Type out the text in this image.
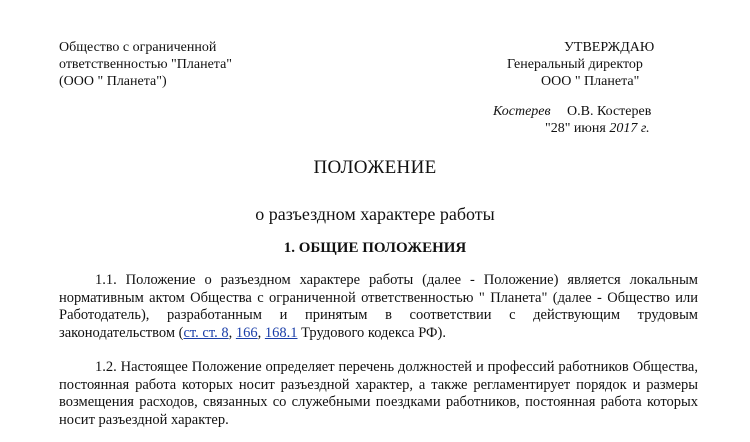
Общество с ограниченной
ответственностью "Планета"
(ООО " Планета")
УТВЕРЖДАЮ
Генеральный директор
ООО " Планета"
Костерев О.В. Костерев
"28" июня 2017 г.
ПОЛОЖЕНИЕ
о разъездном характере работы
1. ОБЩИЕ ПОЛОЖЕНИЯ
1.1. Положение о разъездном характере работы (далее - Положение) является локальным нормативным актом Общества с ограниченной ответственностью " Планета" (далее - Общество или Работодатель), разработанным и принятым в соответствии с действующим трудовым законодательством (ст. ст. 8, 166, 168.1 Трудового кодекса РФ).
1.2. Настоящее Положение определяет перечень должностей и профессий работников Общества, постоянная работа которых носит разъездной характер, а также регламентирует порядок и размеры возмещения расходов, связанных со служебными поездками работников, постоянная работа которых носит разъездной характер.
